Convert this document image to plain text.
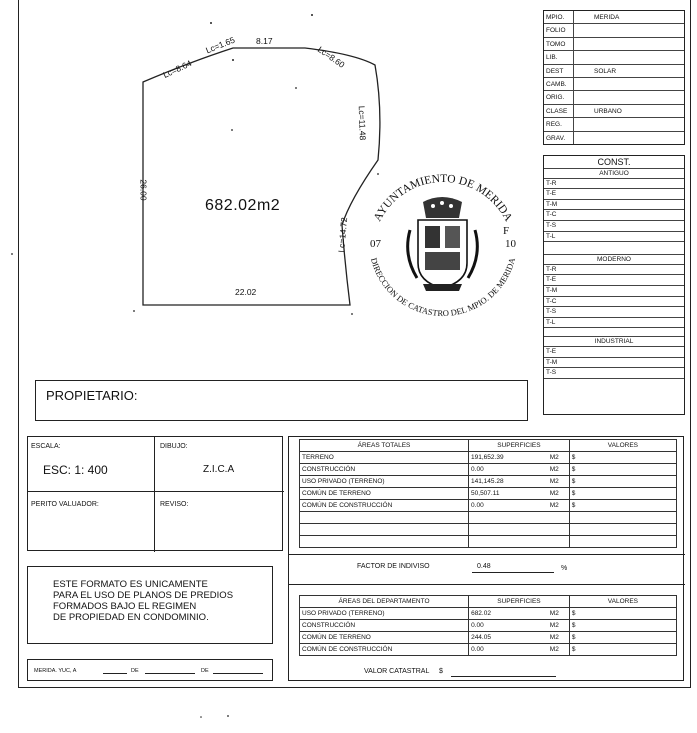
682.02m2
Lc=8.64
Lc=1.65 8.17
Lc=8.60
Lc=11.48
Lc=14.72
26.00
22.02
AYUNTAMIENTO DE MERIDA
DIRECCION DE CATASTRO DEL MPIO. DE MERIDA
07
F
10
MPIO.	MERIDA
FOLIO
TOMO
LIB.
DEST	SOLAR
CAMB.
ORIG.
CLASE	URBANO
REG.
GRAV.
CONST.
ANTIGUO
T-R
T-E
T-M
T-C
T-S
T-L
MODERNO
T-R
T-E
T-M
T-C
T-S
T-L
INDUSTRIAL
T-E
T-M
T-S
PROPIETARIO:
ESCALA:
ESC: 1: 400
DIBUJO:
Z.I.C.A
PERITO VALUADOR:	REVISO:
ESTE FORMATO ES UNICAMENTE
PARA EL USO DE PLANOS DE PREDIOS
FORMADOS BAJO EL REGIMEN
DE PROPIEDAD EN CONDOMINIO.
MERIDA. YUC, A	DE	DE
ÁREAS TOTALES	SUPERFICIES	VALORES
TERRENO	191,652.39 M2	$
CONSTRUCCIÓN	0.00 M2	$
USO PRIVADO (TERRENO)	141,145.28 M2	$
COMÚN DE TERRENO	50,507.11 M2	$
COMÚN DE CONSTRUCCIÓN	0.00 M2	$

FACTOR DE INDIVISO	0.48	%
ÁREAS DEL DEPARTAMENTO	SUPERFICIES	VALORES
USO PRIVADO (TERRENO)	682.02 M2	$
CONSTRUCCIÓN	0.00 M2	$
COMÚN DE TERRENO	244.05 M2	$
COMÚN DE CONSTRUCCIÓN	0.00 M2	$
VALOR CATASTRAL $
